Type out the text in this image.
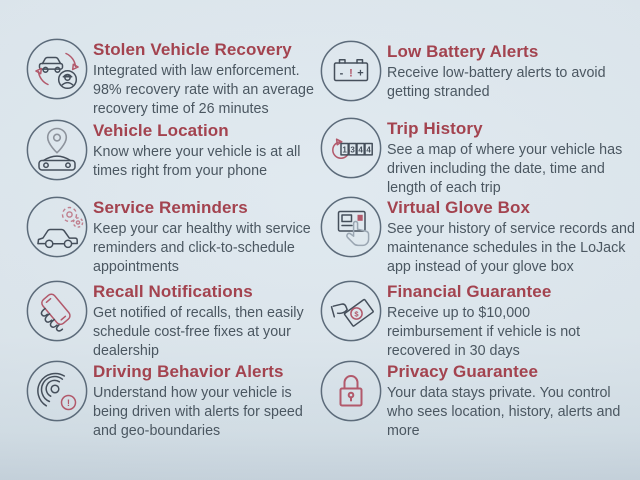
Stolen Vehicle Recovery

Integrated with law enforcement. 98% recovery rate with an average recovery time of 26 minutes

Vehicle Location

Know where your vehicle is at all times right from your phone

Service Reminders

Keep your car healthy with service reminders and click-to-schedule appointments

Recall Notifications

Get notified of recalls, then easily schedule cost-free fixes at your dealership

!
Driving Behavior Alerts

Understand how your vehicle is being driven with alerts for speed and geo-boundaries

- ! +
Low Battery Alerts

Receive low-battery alerts to avoid getting stranded

1 3 4 4
Trip History

See a map of where your vehicle has driven including the date, time and length of each trip

Virtual Glove Box

See your history of service records and maintenance schedules in the LoJack app instead of your glove box

$
Financial Guarantee

Receive up to $10,000 reimbursement if vehicle is not recovered in 30 days

Privacy Guarantee

Your data stays private. You control who sees location, history, alerts and more
